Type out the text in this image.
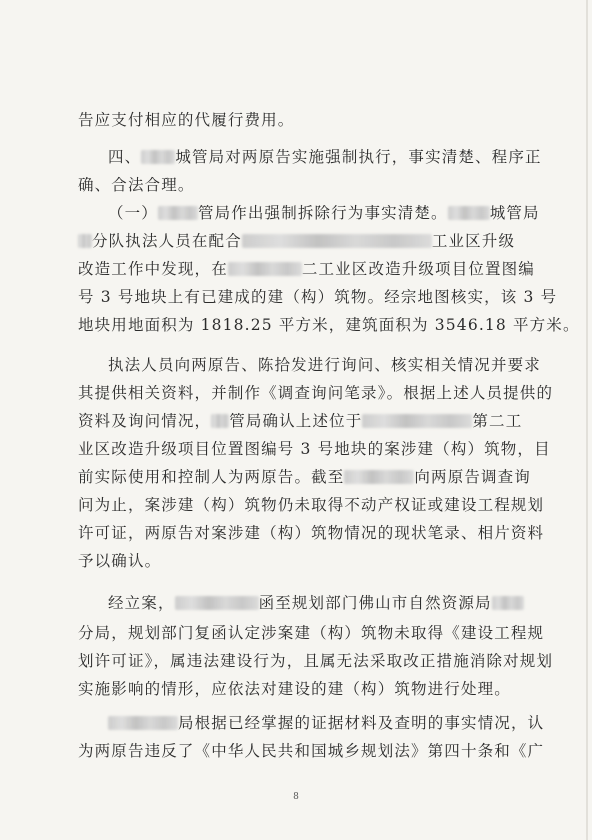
告应支付相应的代履行费用。
四、 城管局对两原告实施强制执行，事实清楚、程序正
确、合法合理。
（一）	管局作出强制拆除行为事实清楚。	城管局
分队执法人员在配合	工业区升级
改造工作中发现，在	二工业区改造升级项目位置图编
号 3 号地块上有已建成的建（构）筑物。经宗地图核实，该 3 号
地块用地面积为 1818.25 平方米，建筑面积为 3546.18 平方米。
执法人员向两原告、陈拾发进行询问、核实相关情况并要求
其提供相关资料，并制作《调查询问笔录》。根据上述人员提供的
资料及询问情况， 管局确认上述位于	第二工
业区改造升级项目位置图编号 3 号地块的案涉建（构）筑物，目
前实际使用和控制人为两原告。截至	向两原告调查询
问为止，案涉建（构）筑物仍未取得不动产权证或建设工程规划
许可证，两原告对案涉建（构）筑物情况的现状笔录、相片资料
予以确认。
经立案，	函至规划部门佛山市自然资源局
分局，规划部门复函认定涉案建（构）筑物未取得《建设工程规
划许可证》，属违法建设行为，且属无法采取改正措施消除对规划
实施影响的情形，应依法对建设的建（构）筑物进行处理。
局根据已经掌握的证据材料及查明的事实情况，认
为两原告违反了《中华人民共和国城乡规划法》第四十条和《广
8
